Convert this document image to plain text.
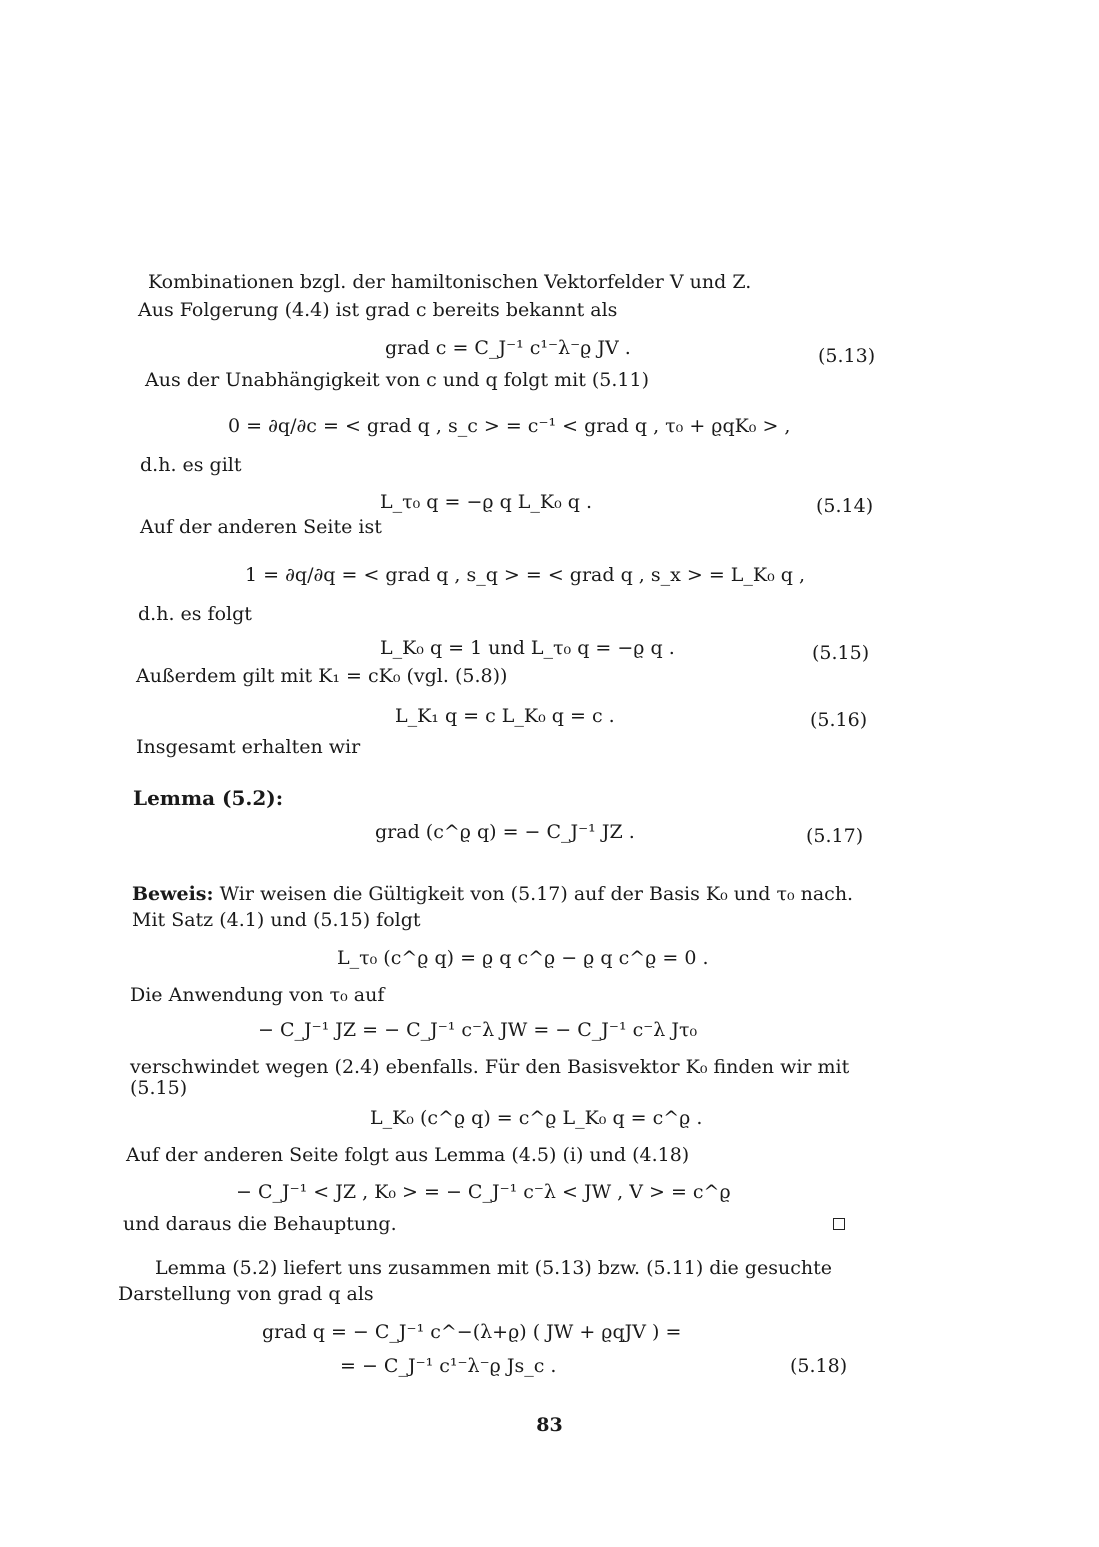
Kombinationen bzgl. der hamiltonischen Vektorfelder V und Z.
Aus Folgerung (4.4) ist grad c bereits bekannt als
grad c = C_J⁻¹ c¹⁻λ⁻ϱ JV .	(5.13)
Aus der Unabhängigkeit von c und q folgt mit (5.11)
0 = ∂q/∂c = < grad q , s_c > = c⁻¹ < grad q , τ₀ + ϱqK₀ > ,
d.h. es gilt
L_τ₀ q = −ϱ q L_K₀ q .	(5.14)
Auf der anderen Seite ist
1 = ∂q/∂q = < grad q , s_q > = < grad q , s_x > = L_K₀ q ,
d.h. es folgt
L_K₀ q = 1 und L_τ₀ q = −ϱ q .	(5.15)
Außerdem gilt mit K₁ = cK₀ (vgl. (5.8))
L_K₁ q = c L_K₀ q = c .	(5.16)
Insgesamt erhalten wir
Lemma (5.2):
grad (c^ϱ q) = − C_J⁻¹ JZ .	(5.17)
Beweis: Wir weisen die Gültigkeit von (5.17) auf der Basis K₀ und τ₀ nach.
Mit Satz (4.1) und (5.15) folgt
L_τ₀ (c^ϱ q) = ϱ q c^ϱ − ϱ q c^ϱ = 0 .
Die Anwendung von τ₀ auf
− C_J⁻¹ JZ = − C_J⁻¹ c⁻λ JW = − C_J⁻¹ c⁻λ Jτ₀
verschwindet wegen (2.4) ebenfalls. Für den Basisvektor K₀ finden wir mit
(5.15)
L_K₀ (c^ϱ q) = c^ϱ L_K₀ q = c^ϱ .
Auf der anderen Seite folgt aus Lemma (4.5) (i) und (4.18)
− C_J⁻¹ < JZ , K₀ > = − C_J⁻¹ c⁻λ < JW , V > = c^ϱ
und daraus die Behauptung.
Lemma (5.2) liefert uns zusammen mit (5.13) bzw. (5.11) die gesuchte
Darstellung von grad q als
grad q = − C_J⁻¹ c^−(λ+ϱ) ( JW + ϱqJV ) =
= − C_J⁻¹ c¹⁻λ⁻ϱ Js_c .	(5.18)
83
